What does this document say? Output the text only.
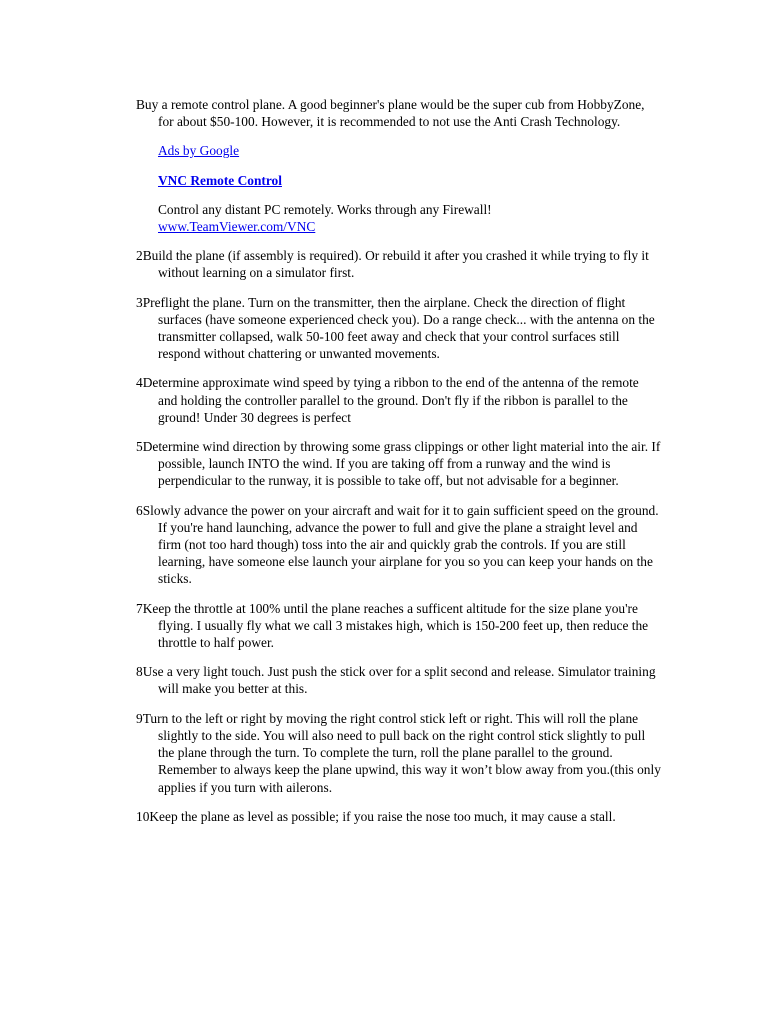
Buy a remote control plane. A good beginner's plane would be the super cub from HobbyZone, for about $50-100. However, it is recommended to not use the Anti Crash Technology.

Ads by Google

VNC Remote Control

Control any distant PC remotely. Works through any Firewall!
www.TeamViewer.com/VNC

2Build the plane (if assembly is required). Or rebuild it after you crashed it while trying to fly it without learning on a simulator first.

3Preflight the plane. Turn on the transmitter, then the airplane. Check the direction of flight surfaces (have someone experienced check you). Do a range check... with the antenna on the transmitter collapsed, walk 50-100 feet away and check that your control surfaces still respond without chattering or unwanted movements.

4Determine approximate wind speed by tying a ribbon to the end of the antenna of the remote and holding the controller parallel to the ground. Don't fly if the ribbon is parallel to the ground! Under 30 degrees is perfect

5Determine wind direction by throwing some grass clippings or other light material into the air. If possible, launch INTO the wind. If you are taking off from a runway and the wind is perpendicular to the runway, it is possible to take off, but not advisable for a beginner.

6Slowly advance the power on your aircraft and wait for it to gain sufficient speed on the ground. If you're hand launching, advance the power to full and give the plane a straight level and firm (not too hard though) toss into the air and quickly grab the controls. If you are still learning, have someone else launch your airplane for you so you can keep your hands on the sticks.

7Keep the throttle at 100% until the plane reaches a sufficent altitude for the size plane you're flying. I usually fly what we call 3 mistakes high, which is 150-200 feet up, then reduce the throttle to half power.

8Use a very light touch. Just push the stick over for a split second and release. Simulator training will make you better at this.

9Turn to the left or right by moving the right control stick left or right. This will roll the plane slightly to the side. You will also need to pull back on the right control stick slightly to pull the plane through the turn. To complete the turn, roll the plane parallel to the ground. Remember to always keep the plane upwind, this way it won’t blow away from you.(this only applies if you turn with ailerons.

10Keep the plane as level as possible; if you raise the nose too much, it may cause a stall.
